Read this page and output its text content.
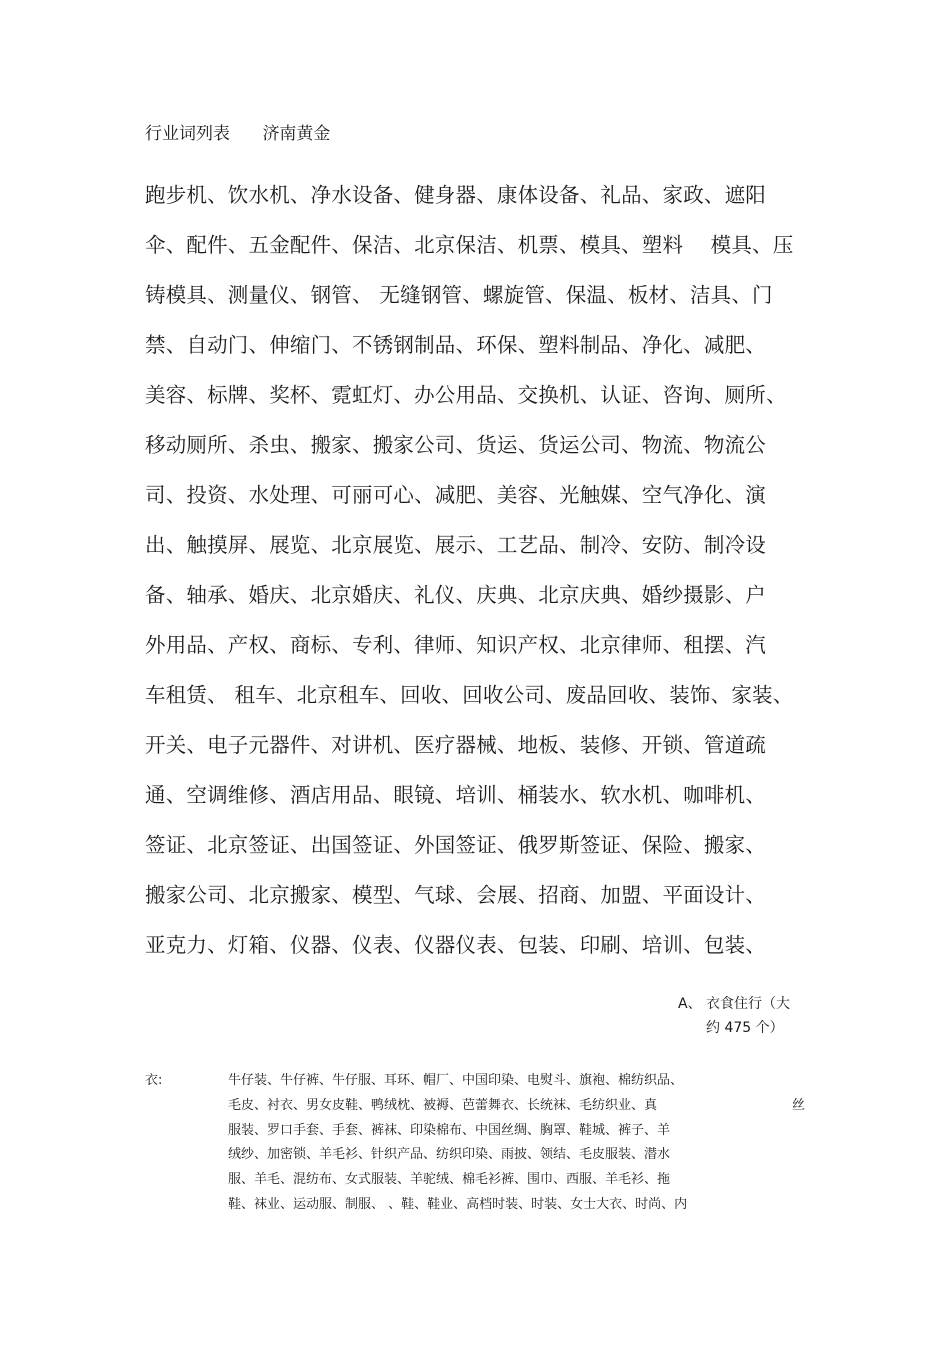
行业词列表 济南黄金
跑步机、饮水机、净水设备、健身器、康体设备、礼品、家政、遮阳
伞、配件、五金配件、保洁、北京保洁、机票、模具、塑料　 模具、压
铸模具、测量仪、钢管、 无缝钢管、螺旋管、保温、板材、洁具、门
禁、自动门、伸缩门、不锈钢制品、环保、塑料制品、净化、减肥、
美容、标牌、奖杯、霓虹灯、办公用品、交换机、认证、咨询、厕所、
移动厕所、杀虫、搬家、搬家公司、货运、货运公司、物流、物流公
司、投资、水处理、可丽可心、减肥、美容、光触媒、空气净化、演
出、触摸屏、展览、北京展览、展示、工艺品、制冷、安防、制冷设
备、轴承、婚庆、北京婚庆、礼仪、庆典、北京庆典、婚纱摄影、户
外用品、产权、商标、专利、律师、知识产权、北京律师、租摆、汽
车租赁、 租车、北京租车、回收、回收公司、废品回收、装饰、家装、
开关、电子元器件、对讲机、医疗器械、地板、装修、开锁、管道疏
通、空调维修、酒店用品、眼镜、培训、桶装水、软水机、咖啡机、
签证、北京签证、出国签证、外国签证、俄罗斯签证、保险、搬家、
搬家公司、北京搬家、模型、气球、会展、招商、加盟、平面设计、
亚克力、灯箱、仪器、仪表、仪器仪表、包装、印刷、培训、包装、
A、 衣食住行（大
约 475 个）
衣:	牛仔装、牛仔裤、牛仔服、耳环、帽厂、中国印染、电熨斗、旗袍、棉纺织品、
毛皮、衬衣、男女皮鞋、鸭绒枕、被褥、芭蕾舞衣、长统袜、毛纺织业、真
服装、罗口手套、手套、裤袜、印染棉布、中国丝绸、胸罩、鞋城、裤子、羊
绒纱、加密锁、羊毛衫、针织产品、纺织印染、雨披、领结、毛皮服装、潜水
服、羊毛、混纺布、女式服装、羊驼绒、棉毛衫裤、围巾、西服、羊毛衫、拖
鞋、袜业、运动服、制服、 、鞋、鞋业、高档时装、时装、女士大衣、时尚、内
丝
